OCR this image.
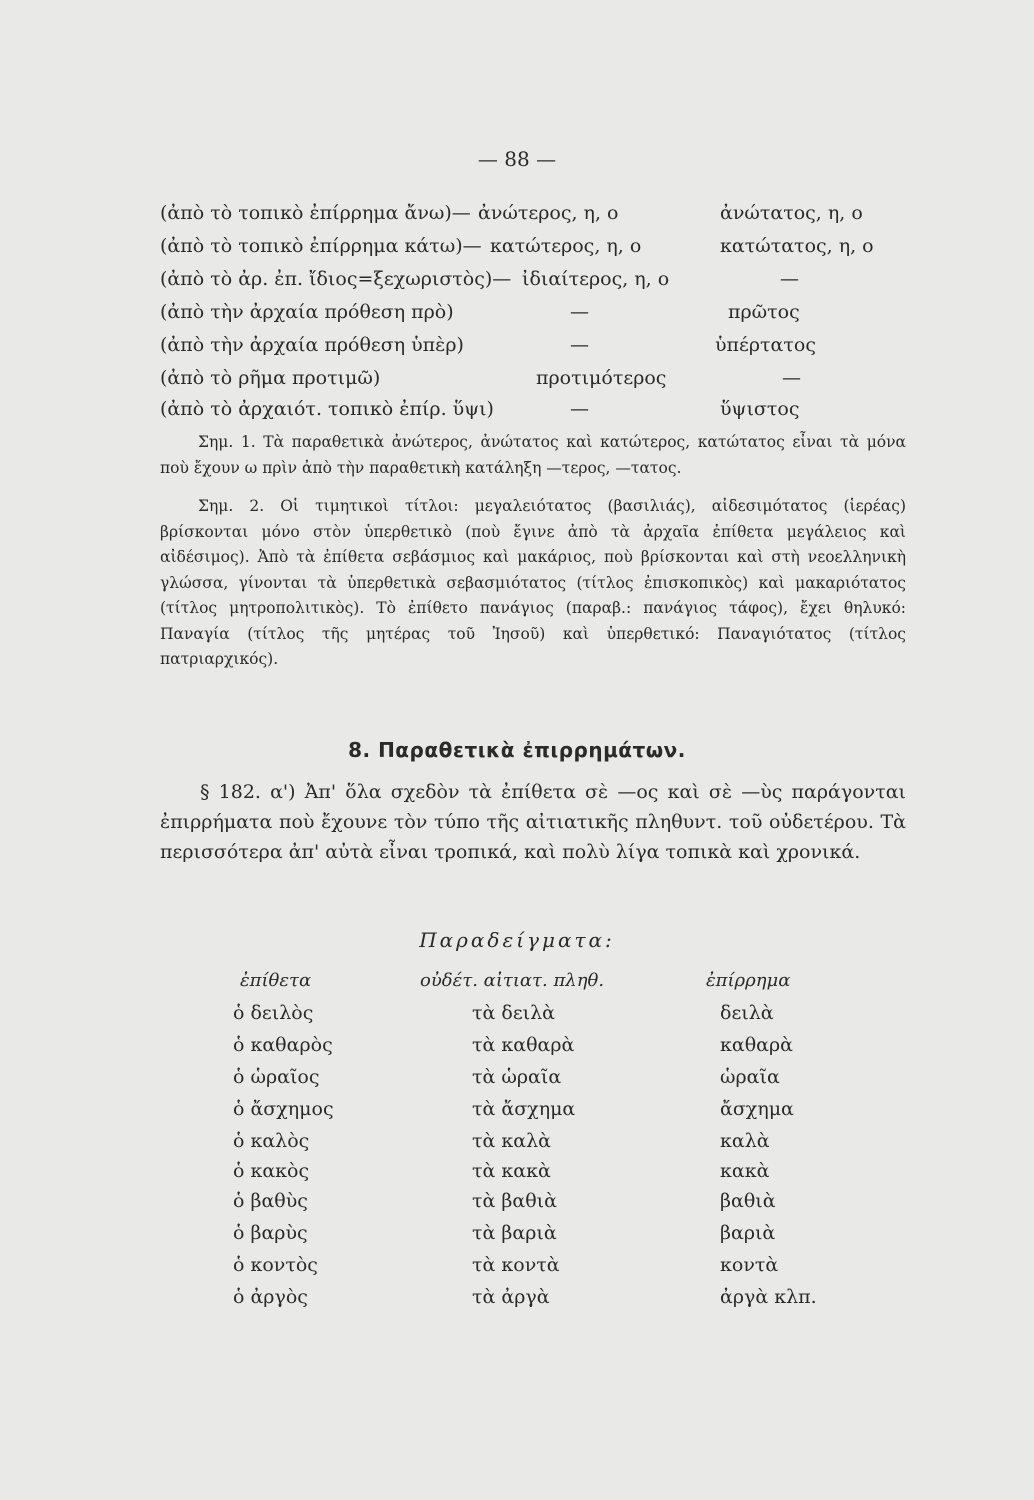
— 88 —
(ἀπὸ τὸ τοπικὸ ἐπίρρημα ἄνω)— ἀνώτερος, η, ο	ἀνώτατος, η, ο
(ἀπὸ τὸ τοπικὸ ἐπίρρημα κάτω)— κατώτερος, η, ο	κατώτατος, η, ο
(ἀπὸ τὸ ἀρ. ἐπ. ἴδιος=ξεχωριστὸς)— ἰδιαίτερος, η, ο	—
(ἀπὸ τὴν ἀρχαία πρόθεση πρὸ)	—	πρῶτος
(ἀπὸ τὴν ἀρχαία πρόθεση ὑπὲρ)	—	ὑπέρτατος
(ἀπὸ τὸ ρῆμα προτιμῶ)	προτιμότερος	—
(ἀπὸ τὸ ἀρχαιότ. τοπικὸ ἐπίρ. ὕψι)	—	ὕψιστος

Σημ. 1. Τὰ παραθετικὰ ἀνώτερος, ἀνώτατος καὶ κατώτερος, κατώτατος εἶναι τὰ μόνα ποὺ ἔχουν ω πρὶν ἀπὸ τὴν παραθετικὴ κατάληξη —τερος, —τατος.

Σημ. 2. Οἱ τιμητικοὶ τίτλοι: μεγαλειότατος (βασιλιάς), αἰδεσιμότατος (ἱερέας) βρίσκονται μόνο στὸν ὑπερθετικὸ (ποὺ ἔγινε ἀπὸ τὰ ἀρχαῖα ἐπίθετα μεγάλειος καὶ αἰδέσιμος). Ἀπὸ τὰ ἐπίθετα σεβάσμιος καὶ μακάριος, ποὺ βρίσκονται καὶ στὴ νεοελληνικὴ γλώσσα, γίνονται τὰ ὑπερθετικὰ σεβασμιότατος (τίτλος ἐπισκοπικὸς) καὶ μακαριότατος (τίτλος μητροπολιτικὸς). Τὸ ἐπίθετο πανάγιος (παραβ.: πανάγιος τάφος), ἔχει θηλυκό: Παναγία (τίτλος τῆς μητέρας τοῦ Ἰησοῦ) καὶ ὑπερθετικό: Παναγιότατος (τίτλος πατριαρχικός).

8. Παραθετικὰ ἐπιρρημάτων.

§ 182. α') Ἀπ' ὅλα σχεδὸν τὰ ἐπίθετα σὲ —ος καὶ σὲ —ὺς παράγονται ἐπιρρήματα ποὺ ἔχουνε τὸν τύπο τῆς αἰτιατικῆς πληθυντ. τοῦ οὐδετέρου. Τὰ περισσότερα ἀπ' αὐτὰ εἶναι τροπικά, καὶ πολὺ λίγα τοπικὰ καὶ χρονικά.

Παραδείγματα:
ἐπίθετα	οὐδέτ. αἰτιατ. πληθ.	ἐπίρρημα
ὁ δειλὸς	τὰ δειλὰ	δειλὰ
ὁ καθαρὸς	τὰ καθαρὰ	καθαρὰ
ὁ ὡραῖος	τὰ ὡραῖα	ὡραῖα
ὁ ἄσχημος	τὰ ἄσχημα	ἄσχημα
ὁ καλὸς	τὰ καλὰ	καλὰ
ὁ κακὸς	τὰ κακὰ	κακὰ
ὁ βαθὺς	τὰ βαθιὰ	βαθιὰ
ὁ βαρὺς	τὰ βαριὰ	βαριὰ
ὁ κοντὸς	τὰ κοντὰ	κοντὰ
ὁ ἀργὸς	τὰ ἀργὰ	ἀργὰ κλπ.
